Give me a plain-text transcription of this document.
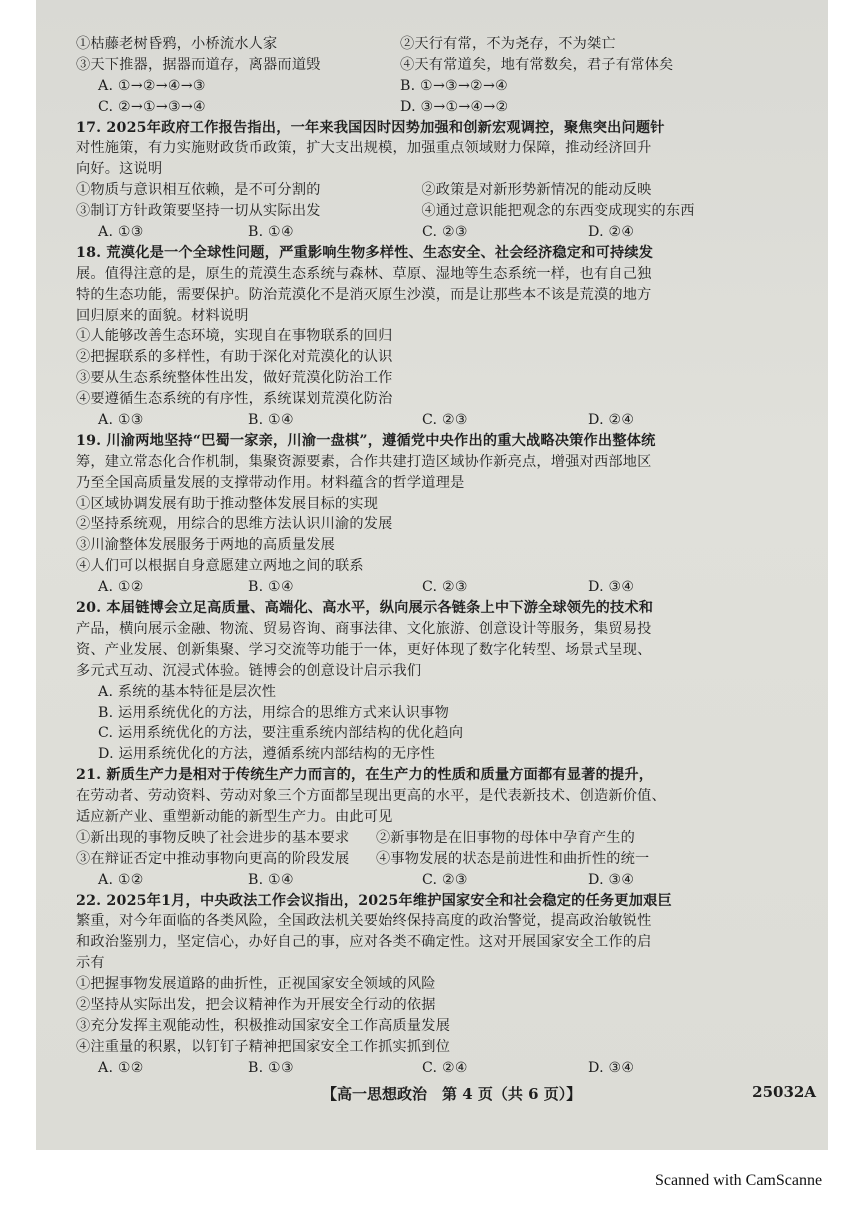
①枯藤老树昏鸦，小桥流水人家	②天行有常，不为尧存，不为桀亡
③天下推器，据器而道存，离器而道毁	④天有常道矣，地有常数矣，君子有常体矣
A. ①→②→④→③	B. ①→③→②→④
C. ②→①→③→④	D. ③→①→④→②
17. 2025年政府工作报告指出，一年来我国因时因势加强和创新宏观调控，聚焦突出问题针
对性施策，有力实施财政货币政策，扩大支出规模，加强重点领域财力保障，推动经济回升
向好。这说明
①物质与意识相互依赖，是不可分割的	②政策是对新形势新情况的能动反映
③制订方针政策要坚持一切从实际出发	④通过意识能把观念的东西变成现实的东西
A. ①③	B. ①④	C. ②③	D. ②④
18. 荒漠化是一个全球性问题，严重影响生物多样性、生态安全、社会经济稳定和可持续发
展。值得注意的是，原生的荒漠生态系统与森林、草原、湿地等生态系统一样，也有自己独
特的生态功能，需要保护。防治荒漠化不是消灭原生沙漠，而是让那些本不该是荒漠的地方
回归原来的面貌。材料说明
①人能够改善生态环境，实现自在事物联系的回归
②把握联系的多样性，有助于深化对荒漠化的认识
③要从生态系统整体性出发，做好荒漠化防治工作
④要遵循生态系统的有序性，系统谋划荒漠化防治
A. ①③	B. ①④	C. ②③	D. ②④
19. 川渝两地坚持“巴蜀一家亲，川渝一盘棋”，遵循党中央作出的重大战略决策作出整体统
筹，建立常态化合作机制，集聚资源要素，合作共建打造区域协作新亮点，增强对西部地区
乃至全国高质量发展的支撑带动作用。材料蕴含的哲学道理是
①区域协调发展有助于推动整体发展目标的实现
②坚持系统观，用综合的思维方法认识川渝的发展
③川渝整体发展服务于两地的高质量发展
④人们可以根据自身意愿建立两地之间的联系
A. ①②	B. ①④	C. ②③	D. ③④
20. 本届链博会立足高质量、高端化、高水平，纵向展示各链条上中下游全球领先的技术和
产品，横向展示金融、物流、贸易咨询、商事法律、文化旅游、创意设计等服务，集贸易投
资、产业发展、创新集聚、学习交流等功能于一体，更好体现了数字化转型、场景式呈现、
多元式互动、沉浸式体验。链博会的创意设计启示我们
A. 系统的基本特征是层次性
B. 运用系统优化的方法，用综合的思维方式来认识事物
C. 运用系统优化的方法，要注重系统内部结构的优化趋向
D. 运用系统优化的方法，遵循系统内部结构的无序性
21. 新质生产力是相对于传统生产力而言的，在生产力的性质和质量方面都有显著的提升，
在劳动者、劳动资料、劳动对象三个方面都呈现出更高的水平，是代表新技术、创造新价值、
适应新产业、重塑新动能的新型生产力。由此可见
①新出现的事物反映了社会进步的基本要求	②新事物是在旧事物的母体中孕育产生的
③在辩证否定中推动事物向更高的阶段发展	④事物发展的状态是前进性和曲折性的统一
A. ①②	B. ①④	C. ②③	D. ③④
22. 2025年1月，中央政法工作会议指出，2025年维护国家安全和社会稳定的任务更加艰巨
繁重，对今年面临的各类风险，全国政法机关要始终保持高度的政治警觉，提高政治敏锐性
和政治鉴别力，坚定信心，办好自己的事，应对各类不确定性。这对开展国家安全工作的启
示有
①把握事物发展道路的曲折性，正视国家安全领域的风险
②坚持从实际出发，把会议精神作为开展安全行动的依据
③充分发挥主观能动性，积极推动国家安全工作高质量发展
④注重量的积累，以钉钉子精神把国家安全工作抓实抓到位
A. ①②	B. ①③	C. ②④	D. ③④
【高一思想政治　第 4 页（共 6 页）】	25032A
Scanned with CamScanne
